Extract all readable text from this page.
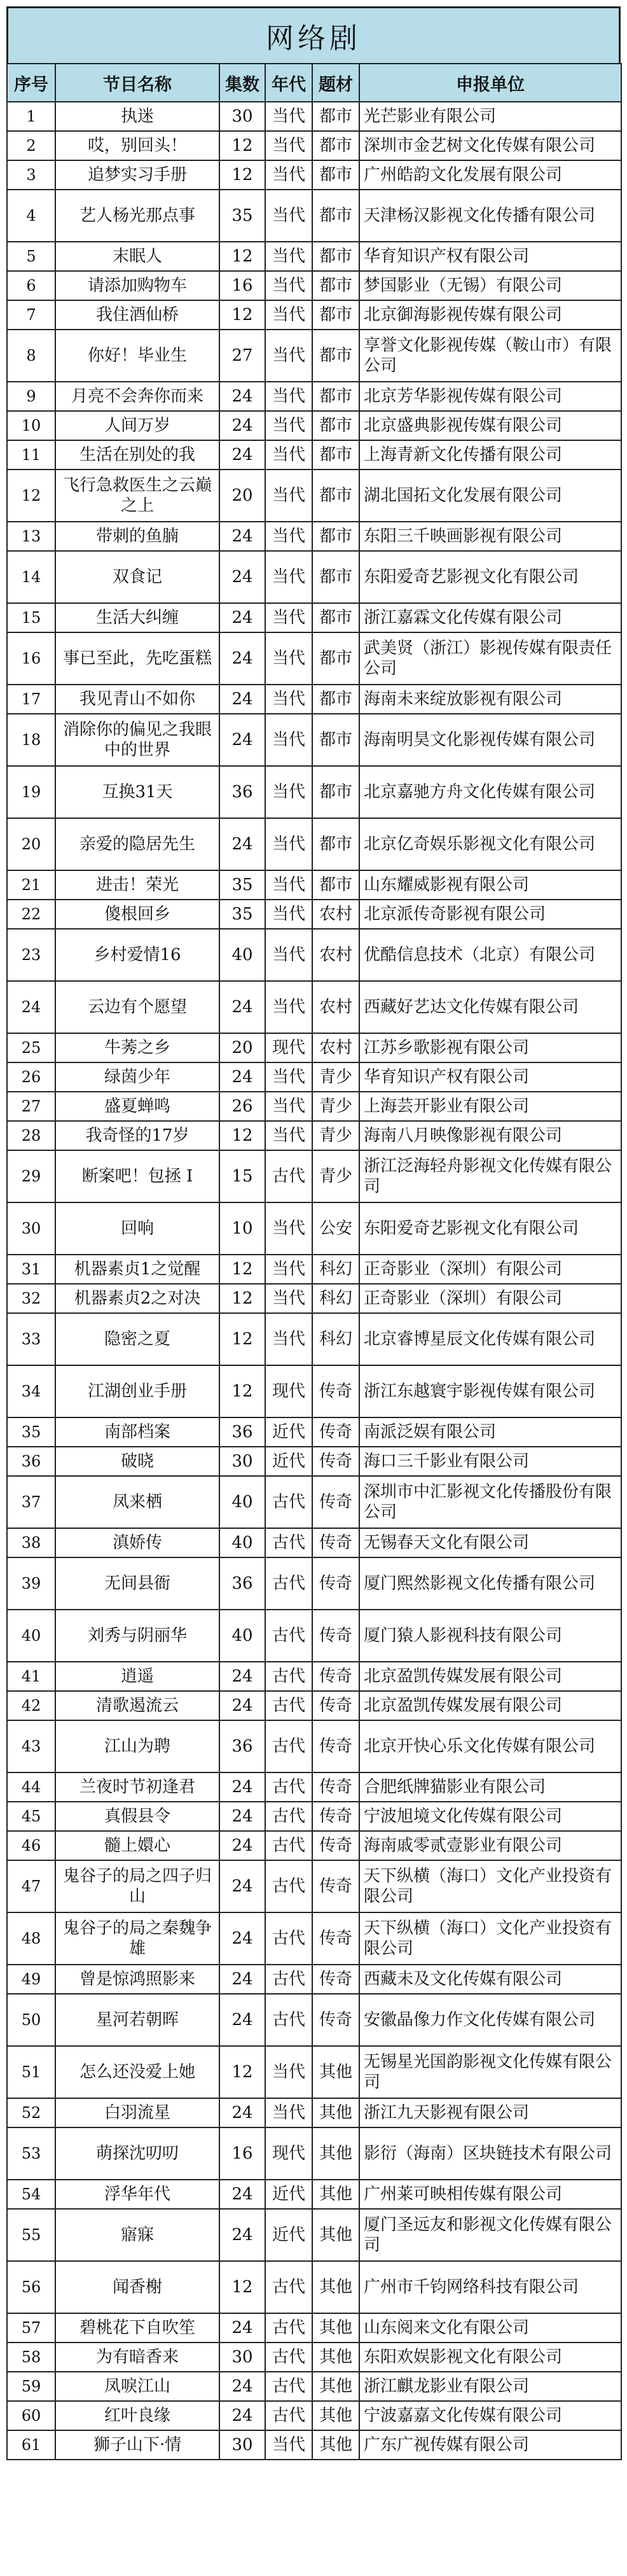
网络剧
序号	节目名称	集数	年代	题材	申报单位
1	执迷	30	当代	都市	光芒影业有限公司
2	哎，别回头！	12	当代	都市	深圳市金艺树文化传媒有限公司
3	追梦实习手册	12	当代	都市	广州皓韵文化发展有限公司
4	艺人杨光那点事	35	当代	都市	天津杨汉影视文化传播有限公司
5	末眠人	12	当代	都市	华育知识产权有限公司
6	请添加购物车	16	当代	都市	梦国影业（无锡）有限公司
7	我住酒仙桥	12	当代	都市	北京御海影视传媒有限公司
8	你好！毕业生	27	当代	都市	享誉文化影视传媒（鞍山市）有限公司
9	月亮不会奔你而来	24	当代	都市	北京芳华影视传媒有限公司
10	人间万岁	24	当代	都市	北京盛典影视传媒有限公司
11	生活在别处的我	24	当代	都市	上海青新文化传播有限公司
12	飞行急救医生之云巅之上	20	当代	都市	湖北国拓文化发展有限公司
13	带刺的鱼腩	24	当代	都市	东阳三千映画影视有限公司
14	双食记	24	当代	都市	东阳爱奇艺影视文化有限公司
15	生活大纠缠	24	当代	都市	浙江嘉霖文化传媒有限公司
16	事已至此，先吃蛋糕	24	当代	都市	武美贤（浙江）影视传媒有限责任公司
17	我见青山不如你	24	当代	都市	海南未来绽放影视有限公司
18	消除你的偏见之我眼中的世界	24	当代	都市	海南明昊文化影视传媒有限公司
19	互换31天	36	当代	都市	北京嘉驰方舟文化传媒有限公司
20	亲爱的隐居先生	24	当代	都市	北京亿奇娱乐影视文化有限公司
21	进击！荣光	35	当代	都市	山东耀威影视有限公司
22	傻根回乡	35	当代	农村	北京派传奇影视有限公司
23	乡村爱情16	40	当代	农村	优酷信息技术（北京）有限公司
24	云边有个愿望	24	当代	农村	西藏好艺达文化传媒有限公司
25	牛莠之乡	20	现代	农村	江苏乡歌影视有限公司
26	绿茵少年	24	当代	青少	华育知识产权有限公司
27	盛夏蝉鸣	26	当代	青少	上海芸开影业有限公司
28	我奇怪的17岁	12	当代	青少	海南八月映像影视有限公司
29	断案吧！包拯 I	15	古代	青少	浙江泛海轻舟影视文化传媒有限公司
30	回响	10	当代	公安	东阳爱奇艺影视文化有限公司
31	机器素贞1之觉醒	12	当代	科幻	正奇影业（深圳）有限公司
32	机器素贞2之对决	12	当代	科幻	正奇影业（深圳）有限公司
33	隐密之夏	12	当代	科幻	北京睿博星辰文化传媒有限公司
34	江湖创业手册	12	现代	传奇	浙江东越寰宇影视传媒有限公司
35	南部档案	36	近代	传奇	南派泛娱有限公司
36	破晓	30	近代	传奇	海口三千影业有限公司
37	凤来栖	40	古代	传奇	深圳市中汇影视文化传播股份有限公司
38	滇娇传	40	古代	传奇	无锡春天文化有限公司
39	无间县衙	36	古代	传奇	厦门熙然影视文化传播有限公司
40	刘秀与阴丽华	40	古代	传奇	厦门猿人影视科技有限公司
41	逍遥	24	古代	传奇	北京盈凯传媒发展有限公司
42	清歌遏流云	24	古代	传奇	北京盈凯传媒发展有限公司
43	江山为聘	36	古代	传奇	北京开快心乐文化传媒有限公司
44	兰夜时节初逢君	24	古代	传奇	合肥纸牌猫影业有限公司
45	真假县令	24	古代	传奇	宁波旭境文化传媒有限公司
46	髓上嬛心	24	古代	传奇	海南戚零贰壹影业有限公司
47	鬼谷子的局之四子归山	24	古代	传奇	天下纵横（海口）文化产业投资有限公司
48	鬼谷子的局之秦魏争雄	24	古代	传奇	天下纵横（海口）文化产业投资有限公司
49	曾是惊鸿照影来	24	古代	传奇	西藏未及文化传媒有限公司
50	星河若朝晖	24	古代	传奇	安徽晶像力作文化传媒有限公司
51	怎么还没爱上她	12	当代	其他	无锡星光国韵影视文化传媒有限公司
52	白羽流星	24	当代	其他	浙江九天影视有限公司
53	萌探沈叨叨	16	现代	其他	影衍（海南）区块链技术有限公司
54	浮华年代	24	近代	其他	广州莱可映相传媒有限公司
55	寤寐	24	近代	其他	厦门圣远友和影视文化传媒有限公司
56	闻香榭	12	古代	其他	广州市千钧网络科技有限公司
57	碧桃花下自吹笙	24	古代	其他	山东阅来文化有限公司
58	为有暗香来	30	古代	其他	东阳欢娱影视文化有限公司
59	凤唳江山	24	古代	其他	浙江麒龙影业有限公司
60	红叶良缘	24	古代	其他	宁波嘉嘉文化传媒有限公司
61	狮子山下·情	30	当代	其他	广东广视传媒有限公司
